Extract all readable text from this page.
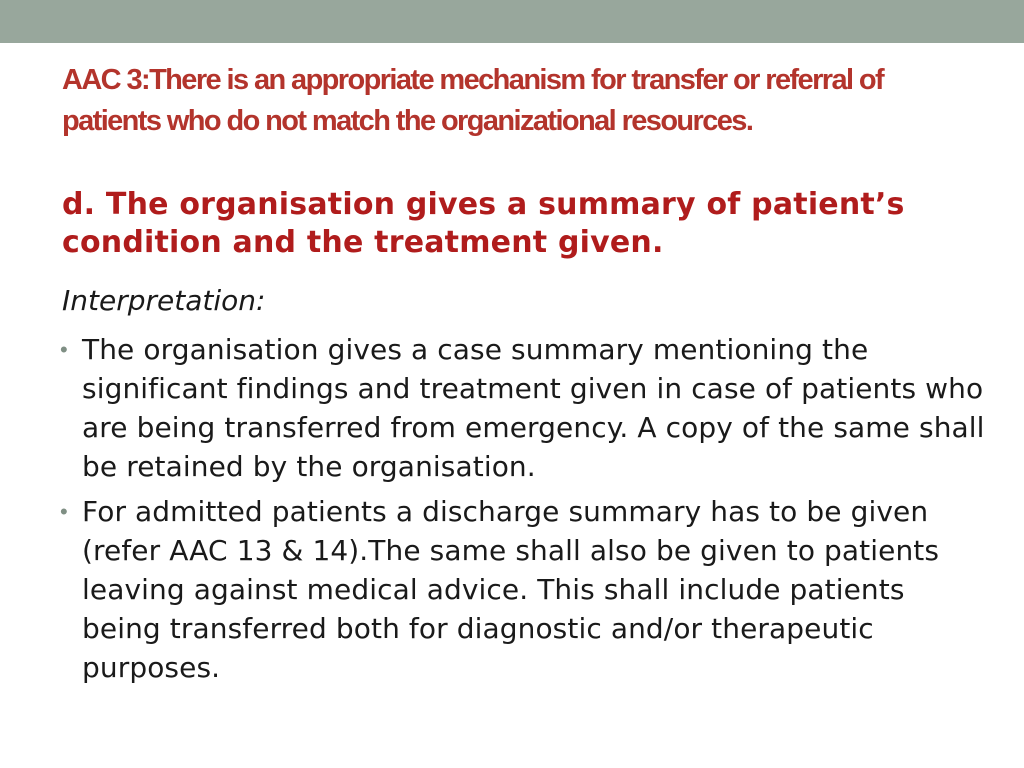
AAC 3:There is an appropriate mechanism for transfer or referral of patients who do not match the organizational resources.
d. The organisation gives a summary of patient’s condition and the treatment given.

Interpretation:

• The organisation gives a case summary mentioning the significant findings and treatment given in case of patients who are being transferred from emergency. A copy of the same shall be retained by the organisation.
• For admitted patients a discharge summary has to be given (refer AAC 13 & 14).The same shall also be given to patients leaving against medical advice. This shall include patients being transferred both for diagnostic and/or therapeutic purposes.
